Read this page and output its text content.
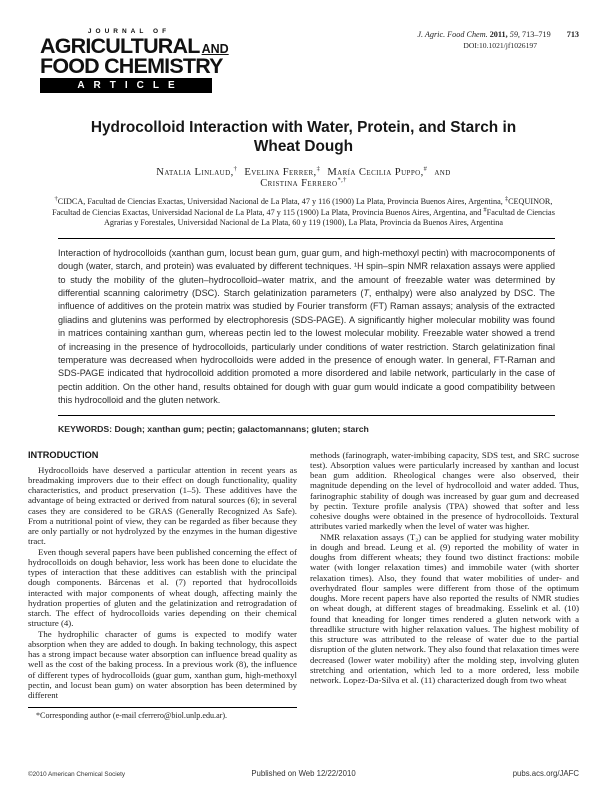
JOURNAL OF
AGRICULTURAL AND
FOOD CHEMISTRY
ARTICLE
J. Agric. Food Chem. 2011, 59, 713–719 713
DOI:10.1021/jf1026197
Hydrocolloid Interaction with Water, Protein, and Starch in Wheat Dough
Natalia Linlaud,† Evelina Ferrer,‡ María Cecilia Puppo,# and
Cristina Ferrero*,†

†CIDCA, Facultad de Ciencias Exactas, Universidad Nacional de La Plata, 47 y 116 (1900) La Plata, Provincia Buenos Aires, Argentina, ‡CEQUINOR, Facultad de Ciencias Exactas, Universidad Nacional de La Plata, 47 y 115 (1900) La Plata, Provincia Buenos Aires, Argentina, and #Facultad de Ciencias Agrarias y Forestales, Universidad Nacional de La Plata, 60 y 119 (1900), La Plata, Provincia da Buenos Aires, Argentina

Interaction of hydrocolloids (xanthan gum, locust bean gum, guar gum, and high-methoxyl pectin) with macrocomponents of dough (water, starch, and protein) was evaluated by different techniques. ¹H spin–spin NMR relaxation assays were applied to study the mobility of the gluten–hydrocolloid–water matrix, and the amount of freezable water was determined by differential scanning calorimetry (DSC). Starch gelatinization parameters (T, enthalpy) were also analyzed by DSC. The influence of additives on the protein matrix was studied by Fourier transform (FT) Raman assays; analysis of the extracted gliadins and glutenins was performed by electrophoresis (SDS-PAGE). A significantly higher molecular mobility was found in matrices containing xanthan gum, whereas pectin led to the lowest molecular mobility. Freezable water showed a trend of increasing in the presence of hydrocolloids, particularly under conditions of water restriction. Starch gelatinization final temperature was decreased when hydrocolloids were added in the presence of enough water. In general, FT-Raman and SDS-PAGE indicated that hydrocolloid addition promoted a more disordered and labile network, particularly in the case of pectin addition. On the other hand, results obtained for dough with guar gum would indicate a good compatibility between this hydrocolloid and the gluten network.

KEYWORDS: Dough; xanthan gum; pectin; galactomannans; gluten; starch

INTRODUCTION

Hydrocolloids have deserved a particular attention in recent years as breadmaking improvers due to their effect on dough functionality, quality characteristics, and product preservation (1–5). These additives have the advantage of being extracted or derived from natural sources (6); in several cases they are considered to be GRAS (Generally Recognized As Safe). From a nutritional point of view, they can be regarded as fiber because they are only partially or not hydrolyzed by the enzymes in the human digestive tract.

Even though several papers have been published concerning the effect of hydrocolloids on dough behavior, less work has been done to elucidate the types of interaction that these additives can establish with the principal dough components. Bárcenas et al. (7) reported that hydrocolloids interacted with major components of wheat dough, affecting mainly the hydration properties of gluten and the gelatinization and retrogradation of starch. The effect of hydrocolloids varies depending on their chemical structure (4).

The hydrophilic character of gums is expected to modify water absorption when they are added to dough. In baking technology, this aspect has a strong impact because water absorption can influence bread quality as well as the cost of the baking process. In a previous work (8), the influence of different types of hydrocolloids (guar gum, xanthan gum, high-methoxyl pectin, and locust bean gum) on water absorption has been determined by different

*Corresponding author (e-mail cferrero@biol.unlp.edu.ar).

methods (farinograph, water-imbibing capacity, SDS test, and SRC sucrose test). Absorption values were particularly increased by xanthan and locust bean gum addition. Rheological changes were also observed, their magnitude depending on the level of hydrocolloid and water added. Thus, farinographic stability of dough was increased by guar gum and decreased by pectin. Texture profile analysis (TPA) showed that softer and less cohesive doughs were obtained in the presence of hydrocolloids. Textural attributes varied markedly when the level of water was higher.

NMR relaxation assays (T₂) can be applied for studying water mobility in dough and bread. Leung et al. (9) reported the mobility of water in doughs from different wheats; they found two distinct fractions: mobile water (with longer relaxation times) and immobile water (with shorter relaxation times). Also, they found that water mobilities of under- and overhydrated flour samples were different from those of the optimum doughs. More recent papers have also reported the results of NMR studies on wheat dough, at different stages of breadmaking. Esselink et al. (10) found that kneading for longer times rendered a gluten network with a threadlike structure with higher relaxation values. The highest mobility of this structure was attributed to the release of water due to the partial disruption of the gluten network. They also found that relaxation times were decreased (lower water mobility) after the molding step, involving gluten stretching and orientation, which led to a more ordered, less mobile network. Lopez-Da-Silva et al. (11) characterized dough from two wheat

©2010 American Chemical Society	Published on Web 12/22/2010	pubs.acs.org/JAFC
